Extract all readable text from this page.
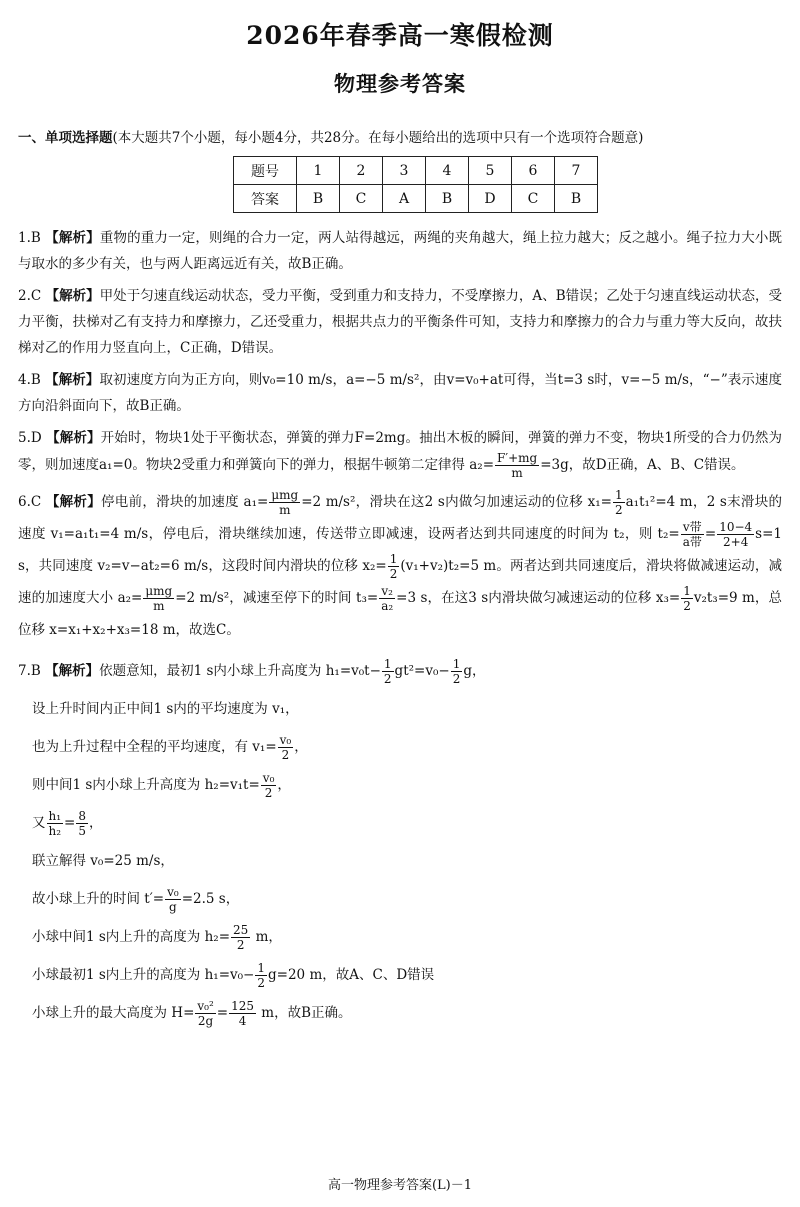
2026年春季高一寒假检测
物理参考答案
一、单项选择题(本大题共7个小题，每小题4分，共28分。在每小题给出的选项中只有一个选项符合题意)
题号	1	2	3	4	5	6	7
答案	B	C	A	B	D	C	B
1.B 【解析】重物的重力一定，则绳的合力一定，两人站得越远，两绳的夹角越大，绳上拉力越大；反之越小。绳子拉力大小既与取水的多少有关，也与两人距离远近有关，故B正确。
2.C 【解析】甲处于匀速直线运动状态，受力平衡，受到重力和支持力，不受摩擦力，A、B错误；乙处于匀速直线运动状态，受力平衡，扶梯对乙有支持力和摩擦力，乙还受重力，根据共点力的平衡条件可知，支持力和摩擦力的合力与重力等大反向，故扶梯对乙的作用力竖直向上，C正确，D错误。
4.B 【解析】取初速度方向为正方向，则v₀=10 m/s，a=−5 m/s²，由v=v₀+at可得，当t=3 s时，v=−5 m/s，“−”表示速度方向沿斜面向下，故B正确。
5.D 【解析】开始时，物块1处于平衡状态，弹簧的弹力F=2mg。抽出木板的瞬间，弹簧的弹力不变，物块1所受的合力仍然为零，则加速度a₁=0。物块2受重力和弹簧向下的弹力，根据牛顿第二定律得 $a_2= \frac{F'+mg}{m} =3g$，故D正确，A、B、C错误。
6.C 【解析】停电前，滑块的加速度 $a_1= \frac{\text{μmg}}{m} =2$ m/s²，滑块在这2 s内做匀加速运动的位移 $x_1= \frac{1}{2} a_1t_1^2=4$ m，2 s末滑块的速度 v₁=a₁t₁=4 m/s，停电后，滑块继续加速，传送带立即减速，设两者达到共同速度的时间为 t₂，则 $t_2= \frac{\text{v带}}{\text{a带}} = \frac{10-4}{2+4} s=1$ s，共同速度 v₂=v−at₂=6 m/s，这段时间内滑块的位移 $x_2= \frac{1}{2} (v_1+v_2)t_2=5$ m。两者达到共同速度后，滑块将做减速运动，减速的加速度大小 $a_2= \frac{\text{μmg}}{m} =2$ m/s²，减速至停下的时间 $t_3= \frac{\text{v₂}}{\text{a₂}} =3$ s，在这3 s内滑块做匀减速运动的位移 $x_3= \frac{1}{2} v_2t_3=9$ m，总位移 x=x₁+x₂+x₃=18 m，故选C。
7.B 【解析】依题意知，最初1 s内小球上升高度为 $h_1=v_0t- \frac{1}{2} gt^2=v_0- \frac{1}{2}$ g，
设上升时间内正中间1 s内的平均速度为 v₁，
也为上升过程中全程的平均速度，有 $v_1= \frac{\text{v₀}}{2}$ ，
则中间1 s内小球上升高度为 $h_2=v_1t= \frac{\text{v₀}}{2}$ ，
又 $\frac{\text{h₁}}{\text{h₂}} = \frac{8}{5}$ ，
联立解得 v₀=25 m/s，
故小球上升的时间 $t'= \frac{\text{v₀}}{g} =2.5$ s，
小球中间1 s内上升的高度为 $h_2= \frac{25}{2}$ m，
小球最初1 s内上升的高度为 $h_1=v_0- \frac{1}{2} g=20$ m，故A、C、D错误
小球上升的最大高度为 $H= \frac{\text{v₀²}}{2g} = \frac{125}{4}$ m，故B正确。
高一物理参考答案(L)－1
